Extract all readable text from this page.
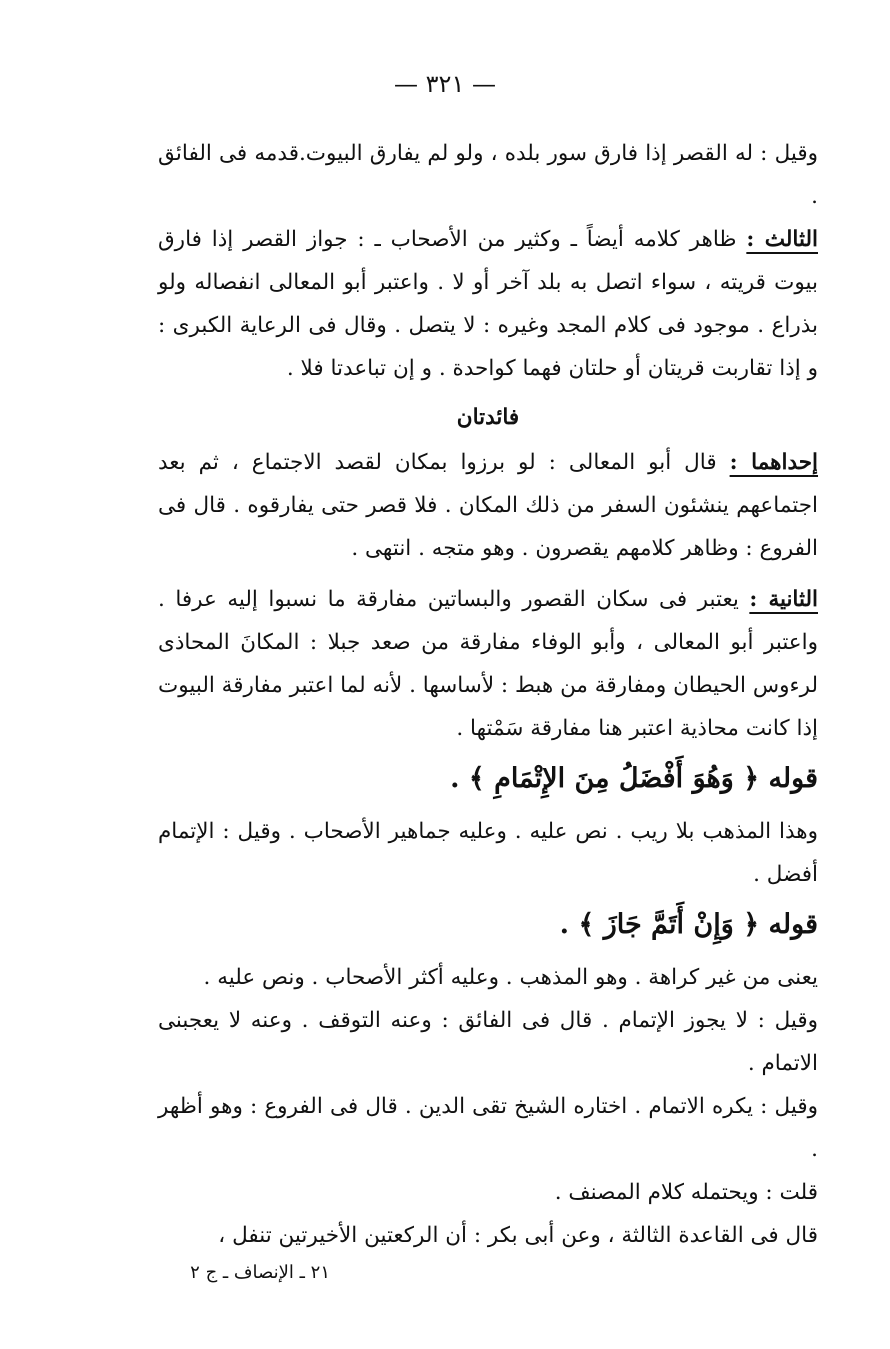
— ٣٢١ —

وقيل : له القصر إذا فارق سور بلده ، ولو لم يفارق البيوت.قدمه فى الفائق .

الثالث : ظاهر كلامه أيضاً ـ وكثير من الأصحاب ـ : جواز القصر إذا فارق بيوت قريته ، سواء اتصل به بلد آخر أو لا . واعتبر أبو المعالى انفصاله ولو بذراع . موجود فى كلام المجد وغيره : لا يتصل . وقال فى الرعاية الكبرى : و إذا تقاربت قريتان أو حلتان فهما كواحدة . و إن تباعدتا فلا .

فائدتان

إحداهما : قال أبو المعالى : لو برزوا بمكان لقصد الاجتماع ، ثم بعد اجتماعهم ينشئون السفر من ذلك المكان . فلا قصر حتى يفارقوه . قال فى الفروع : وظاهر كلامهم يقصرون . وهو متجه . انتهى .

الثانية : يعتبر فى سكان القصور والبساتين مفارقة ما نسبوا إليه عرفا . واعتبر أبو المعالى ، وأبو الوفاء مفارقة من صعد جبلا : المكانَ المحاذى لرءوس الحيطان ومفارقة من هبط : لأساسها . لأنه لما اعتبر مفارقة البيوت إذا كانت محاذية اعتبر هنا مفارقة سَمْتها .

قوله ﴿ وَهُوَ أَفْضَلُ مِنَ الإِتْمَامِ ﴾ .

وهذا المذهب بلا ريب . نص عليه . وعليه جماهير الأصحاب . وقيل : الإتمام أفضل .

قوله ﴿ وَإِنْ أَتَمَّ جَازَ ﴾ .

يعنى من غير كراهة . وهو المذهب . وعليه أكثر الأصحاب . ونص عليه .

وقيل : لا يجوز الإتمام . قال فى الفائق : وعنه التوقف . وعنه لا يعجبنى الاتمام .

وقيل : يكره الاتمام . اختاره الشيخ تقى الدين . قال فى الفروع : وهو أظهر .

قلت : ويحتمله كلام المصنف .

قال فى القاعدة الثالثة ، وعن أبى بكر : أن الركعتين الأخيرتين تنفل ،

٢١ ـ الإنصاف ـ ج ٢
